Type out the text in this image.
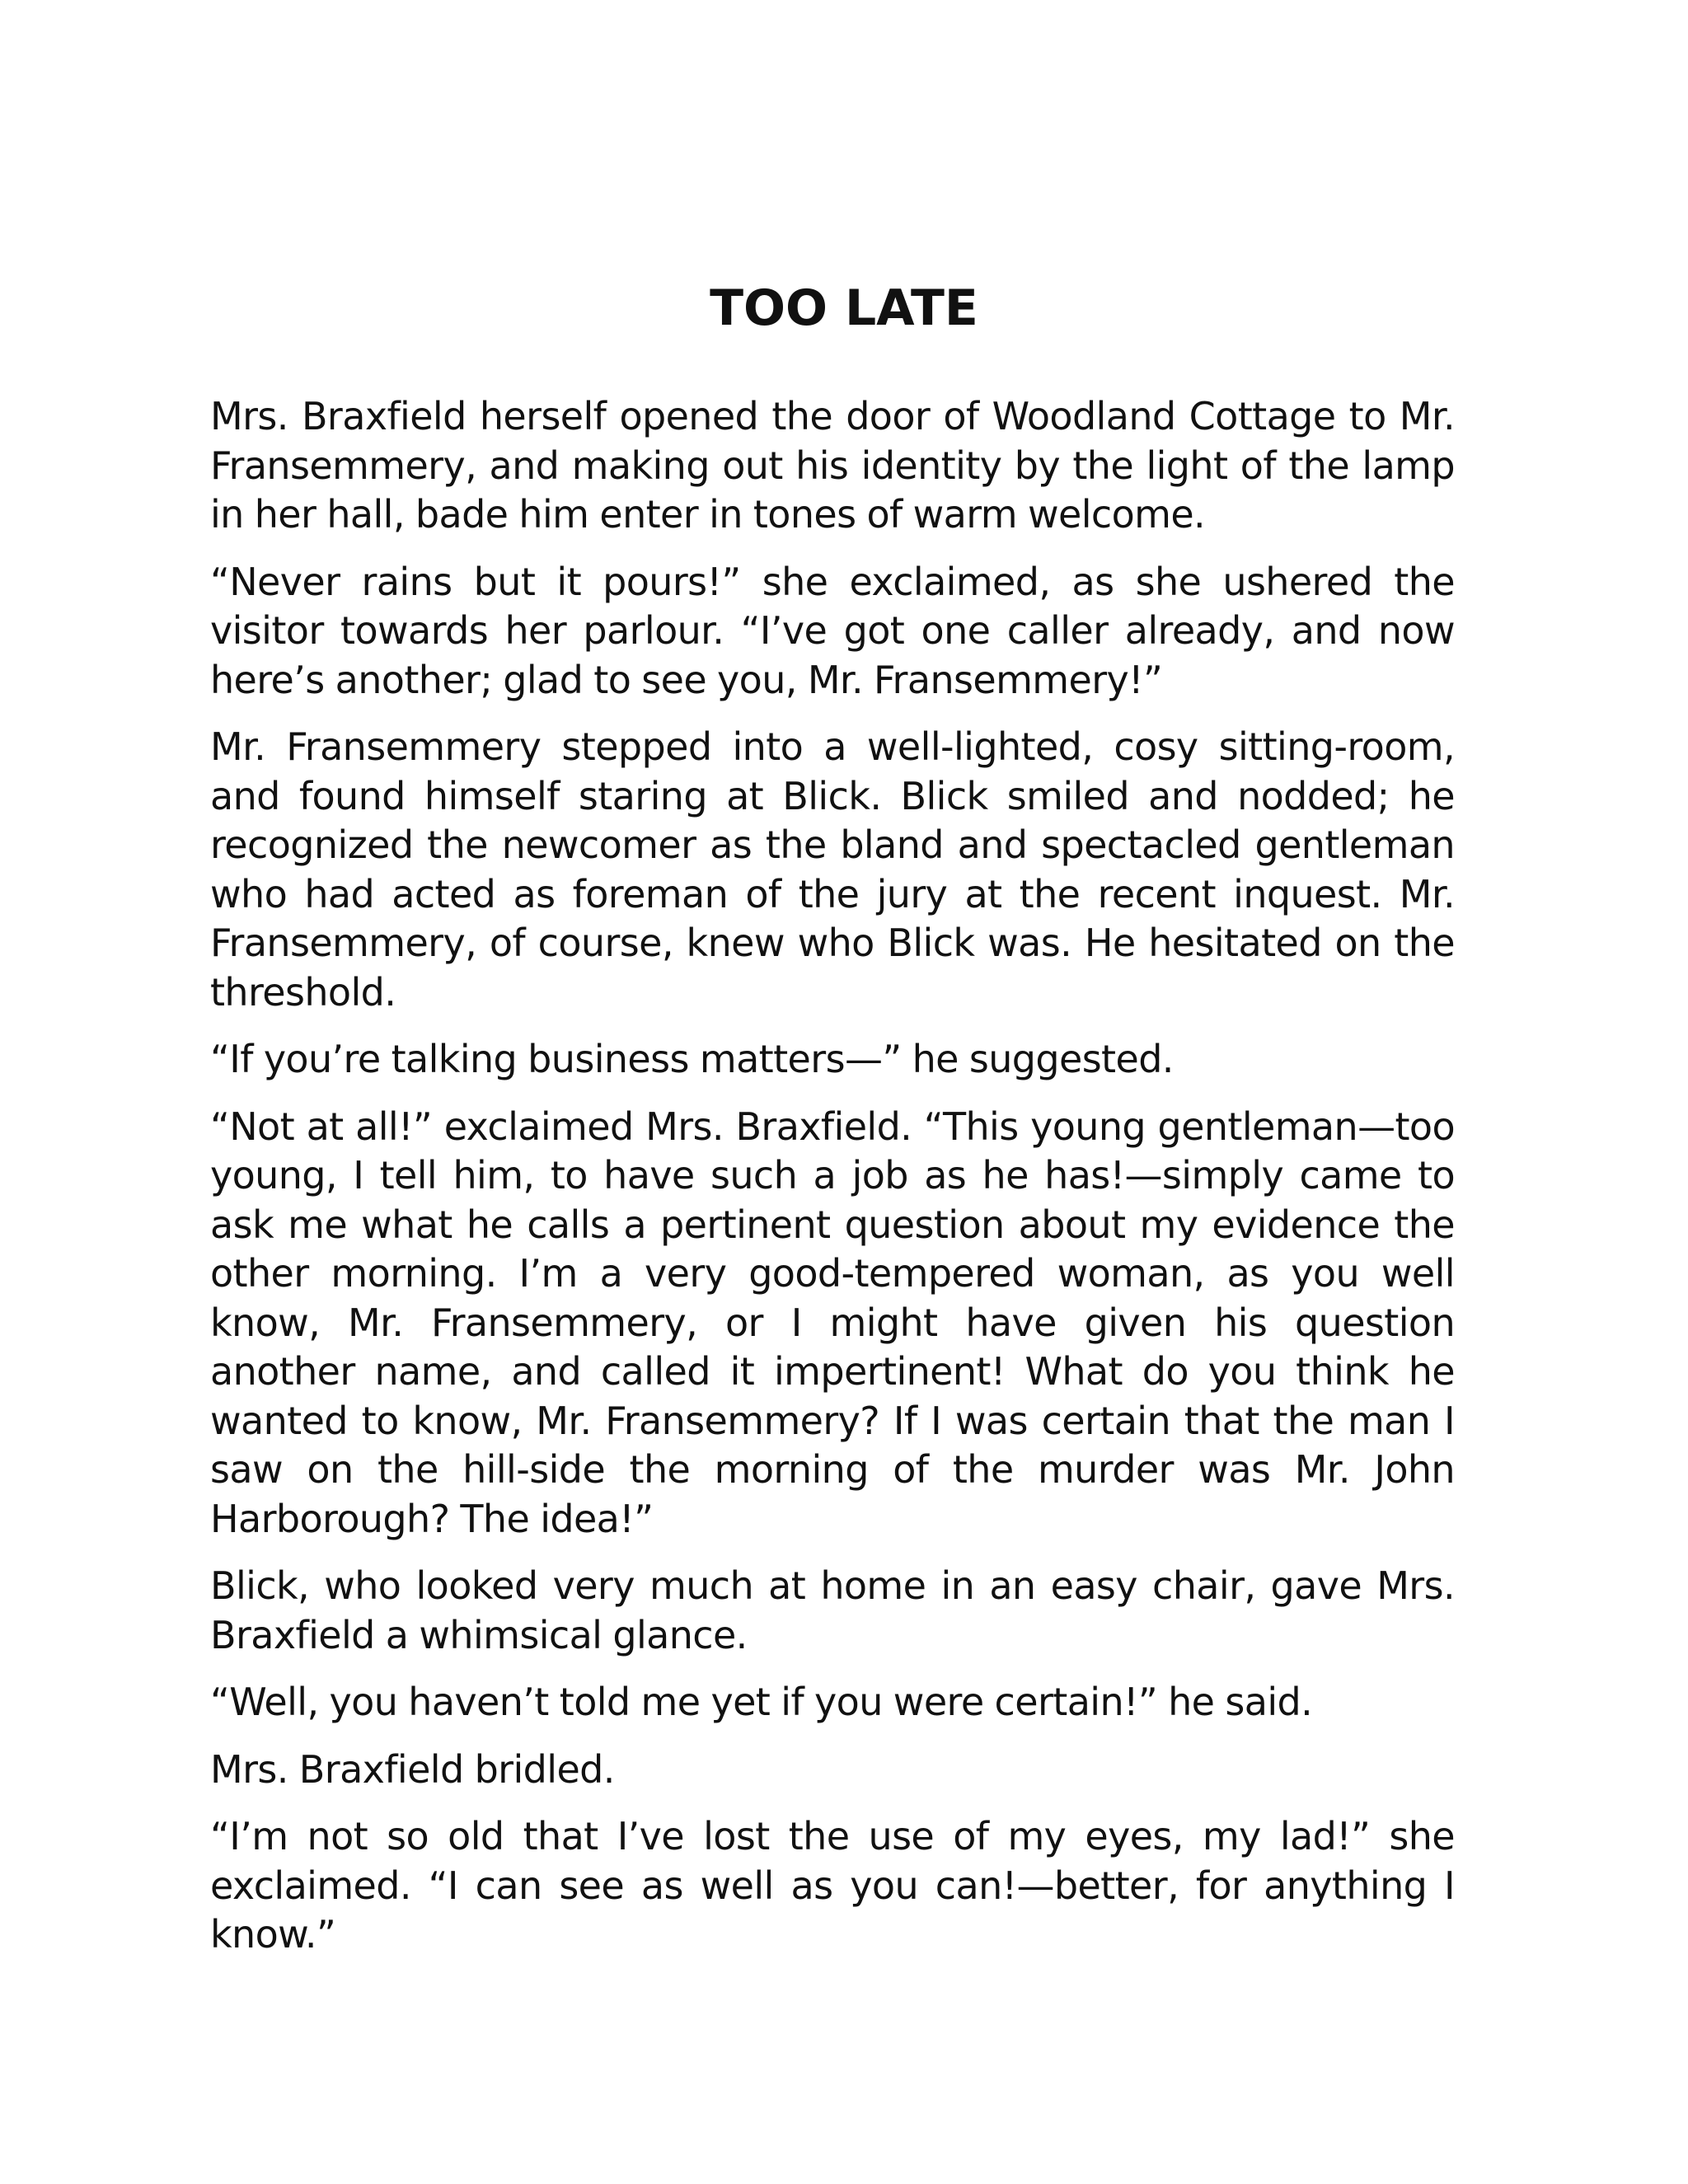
TOO LATE

Mrs. Braxfield herself opened the door of Woodland Cottage to Mr. Fransemmery, and making out his identity by the light of the lamp in her hall, bade him enter in tones of warm welcome.

“Never rains but it pours!” she exclaimed, as she ushered the visitor towards her parlour. “I’ve got one caller already, and now here’s another; glad to see you, Mr. Fransemmery!”

Mr. Fransemmery stepped into a well-lighted, cosy sitting-room, and found himself staring at Blick. Blick smiled and nodded; he recognized the newcomer as the bland and spectacled gentleman who had acted as foreman of the jury at the recent inquest. Mr. Fransemmery, of course, knew who Blick was. He hesitated on the threshold.

“If you’re talking business matters—” he suggested.

“Not at all!” exclaimed Mrs. Braxfield. “This young gentleman—too young, I tell him, to have such a job as he has!—simply came to ask me what he calls a pertinent question about my evidence the other morning. I’m a very good-tempered woman, as you well know, Mr. Fransemmery, or I might have given his question another name, and called it impertinent! What do you think he wanted to know, Mr. Fransemmery? If I was certain that the man I saw on the hill-side the morning of the murder was Mr. John Harborough? The idea!”

Blick, who looked very much at home in an easy chair, gave Mrs. Braxfield a whimsical glance.

“Well, you haven’t told me yet if you were certain!” he said.

Mrs. Braxfield bridled.

“I’m not so old that I’ve lost the use of my eyes, my lad!” she exclaimed. “I can see as well as you can!—better, for anything I know.”
